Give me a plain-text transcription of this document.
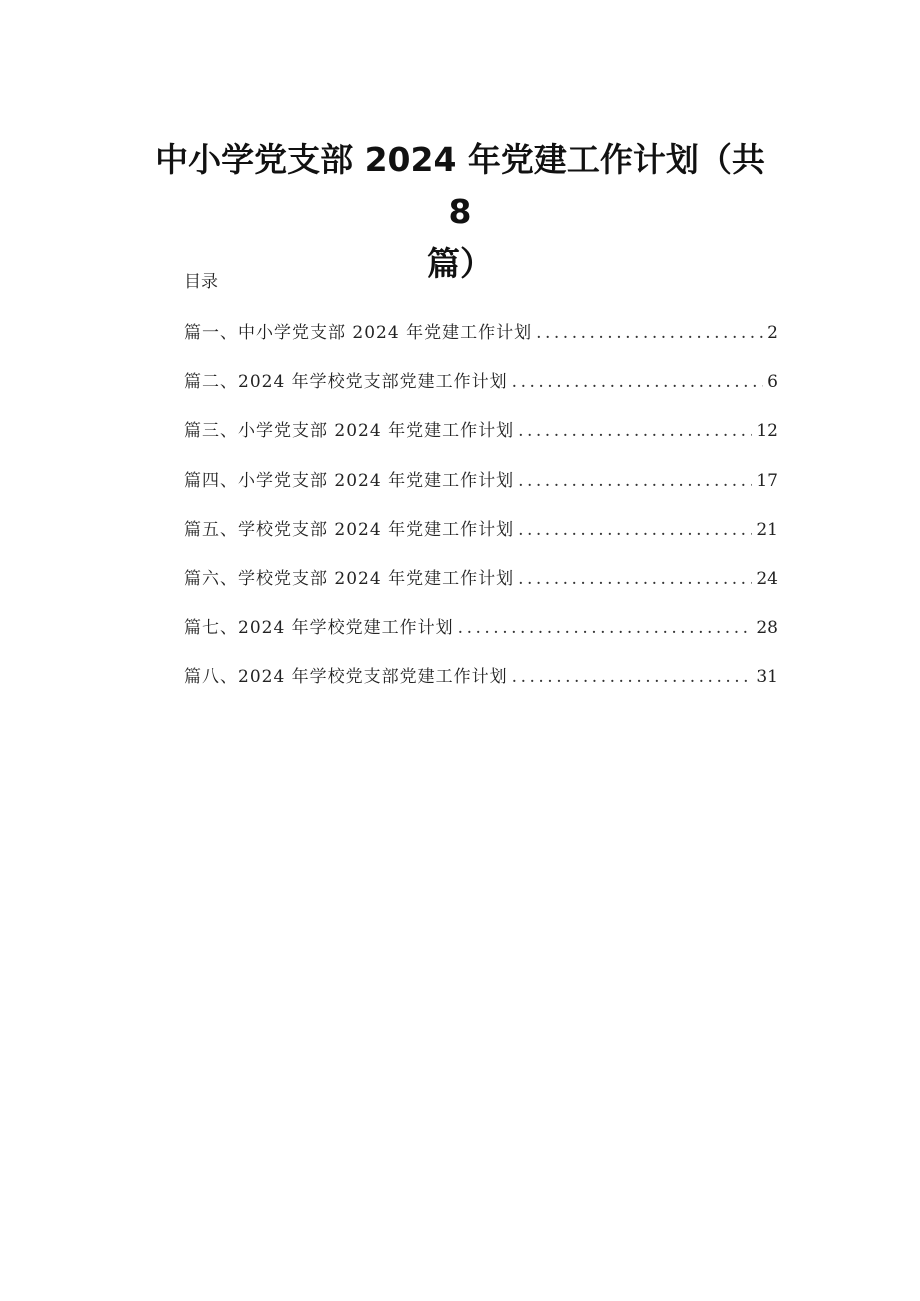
中小学党支部 2024 年党建工作计划（共 8
篇）
目录
篇一、中小学党支部 2024 年党建工作计划 .....	2
篇二、2024 年学校党支部党建工作计划 .....	6
篇三、小学党支部 2024 年党建工作计划 .....	12
篇四、小学党支部 2024 年党建工作计划 .....	17
篇五、学校党支部 2024 年党建工作计划 .....	21
篇六、学校党支部 2024 年党建工作计划 .....	24
篇七、2024 年学校党建工作计划 .....	28
篇八、2024 年学校党支部党建工作计划 .....	31
